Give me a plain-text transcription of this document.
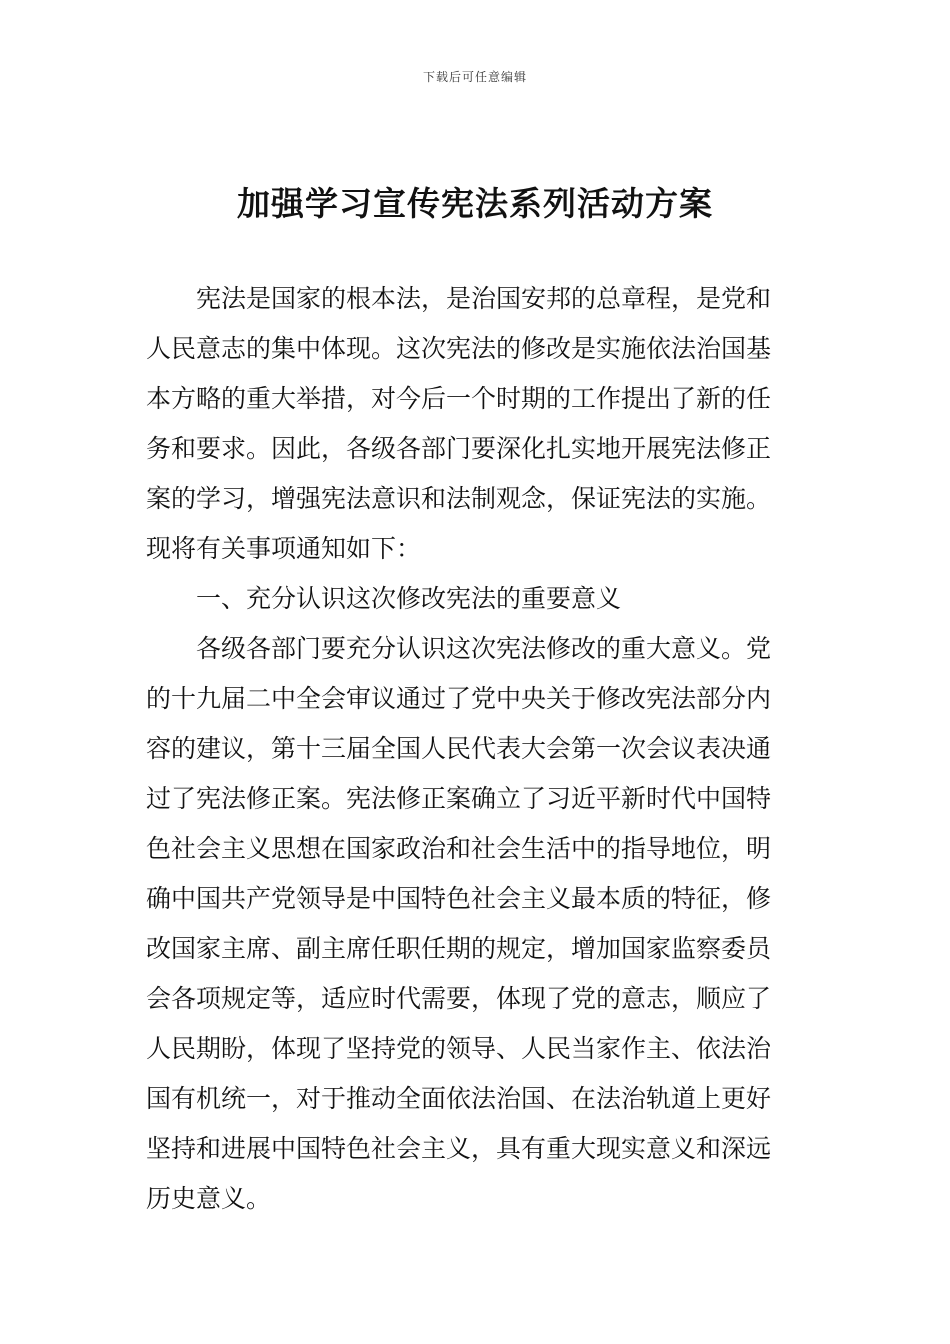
下载后可任意编辑
加强学习宣传宪法系列活动方案
宪法是国家的根本法，是治国安邦的总章程，是党和
人民意志的集中体现。这次宪法的修改是实施依法治国基
本方略的重大举措，对今后一个时期的工作提出了新的任
务和要求。因此，各级各部门要深化扎实地开展宪法修正
案的学习，增强宪法意识和法制观念，保证宪法的实施。
现将有关事项通知如下：
一、充分认识这次修改宪法的重要意义
各级各部门要充分认识这次宪法修改的重大意义。党
的十九届二中全会审议通过了党中央关于修改宪法部分内
容的建议，第十三届全国人民代表大会第一次会议表决通
过了宪法修正案。宪法修正案确立了习近平新时代中国特
色社会主义思想在国家政治和社会生活中的指导地位，明
确中国共产党领导是中国特色社会主义最本质的特征，修
改国家主席、副主席任职任期的规定，增加国家监察委员
会各项规定等，适应时代需要，体现了党的意志，顺应了
人民期盼，体现了坚持党的领导、人民当家作主、依法治
国有机统一，对于推动全面依法治国、在法治轨道上更好
坚持和进展中国特色社会主义，具有重大现实意义和深远
历史意义。
